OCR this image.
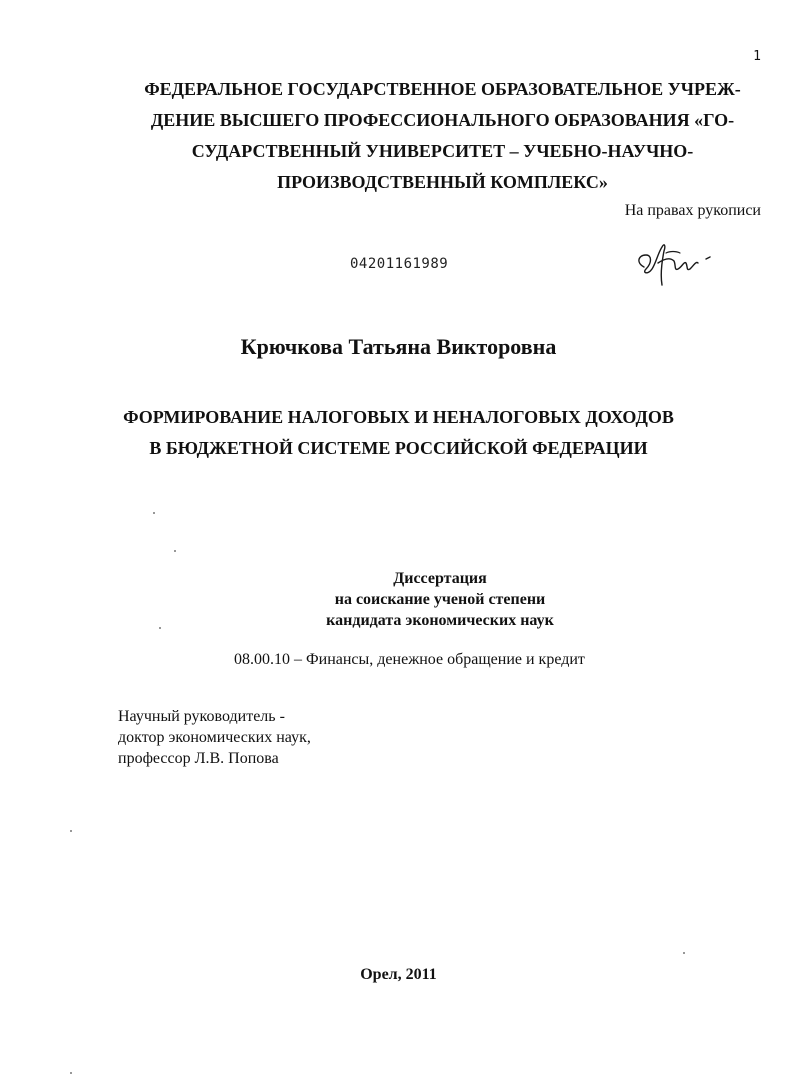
1
ФЕДЕРАЛЬНОЕ ГОСУДАРСТВЕННОЕ ОБРАЗОВАТЕЛЬНОЕ УЧРЕЖ-
ДЕНИЕ ВЫСШЕГО ПРОФЕССИОНАЛЬНОГО ОБРАЗОВАНИЯ «ГО-
СУДАРСТВЕННЫЙ УНИВЕРСИТЕТ – УЧЕБНО-НАУЧНО-
ПРОИЗВОДСТВЕННЫЙ КОМПЛЕКС»
На правах рукописи
04201161989
Крючкова Татьяна Викторовна
ФОРМИРОВАНИЕ НАЛОГОВЫХ И НЕНАЛОГОВЫХ ДОХОДОВ
В БЮДЖЕТНОЙ СИСТЕМЕ РОССИЙСКОЙ ФЕДЕРАЦИИ
Диссертация
на соискание ученой степени
кандидата экономических наук
08.00.10 – Финансы, денежное обращение и кредит
Научный руководитель -
доктор экономических наук,
профессор Л.В. Попова
Орел, 2011
